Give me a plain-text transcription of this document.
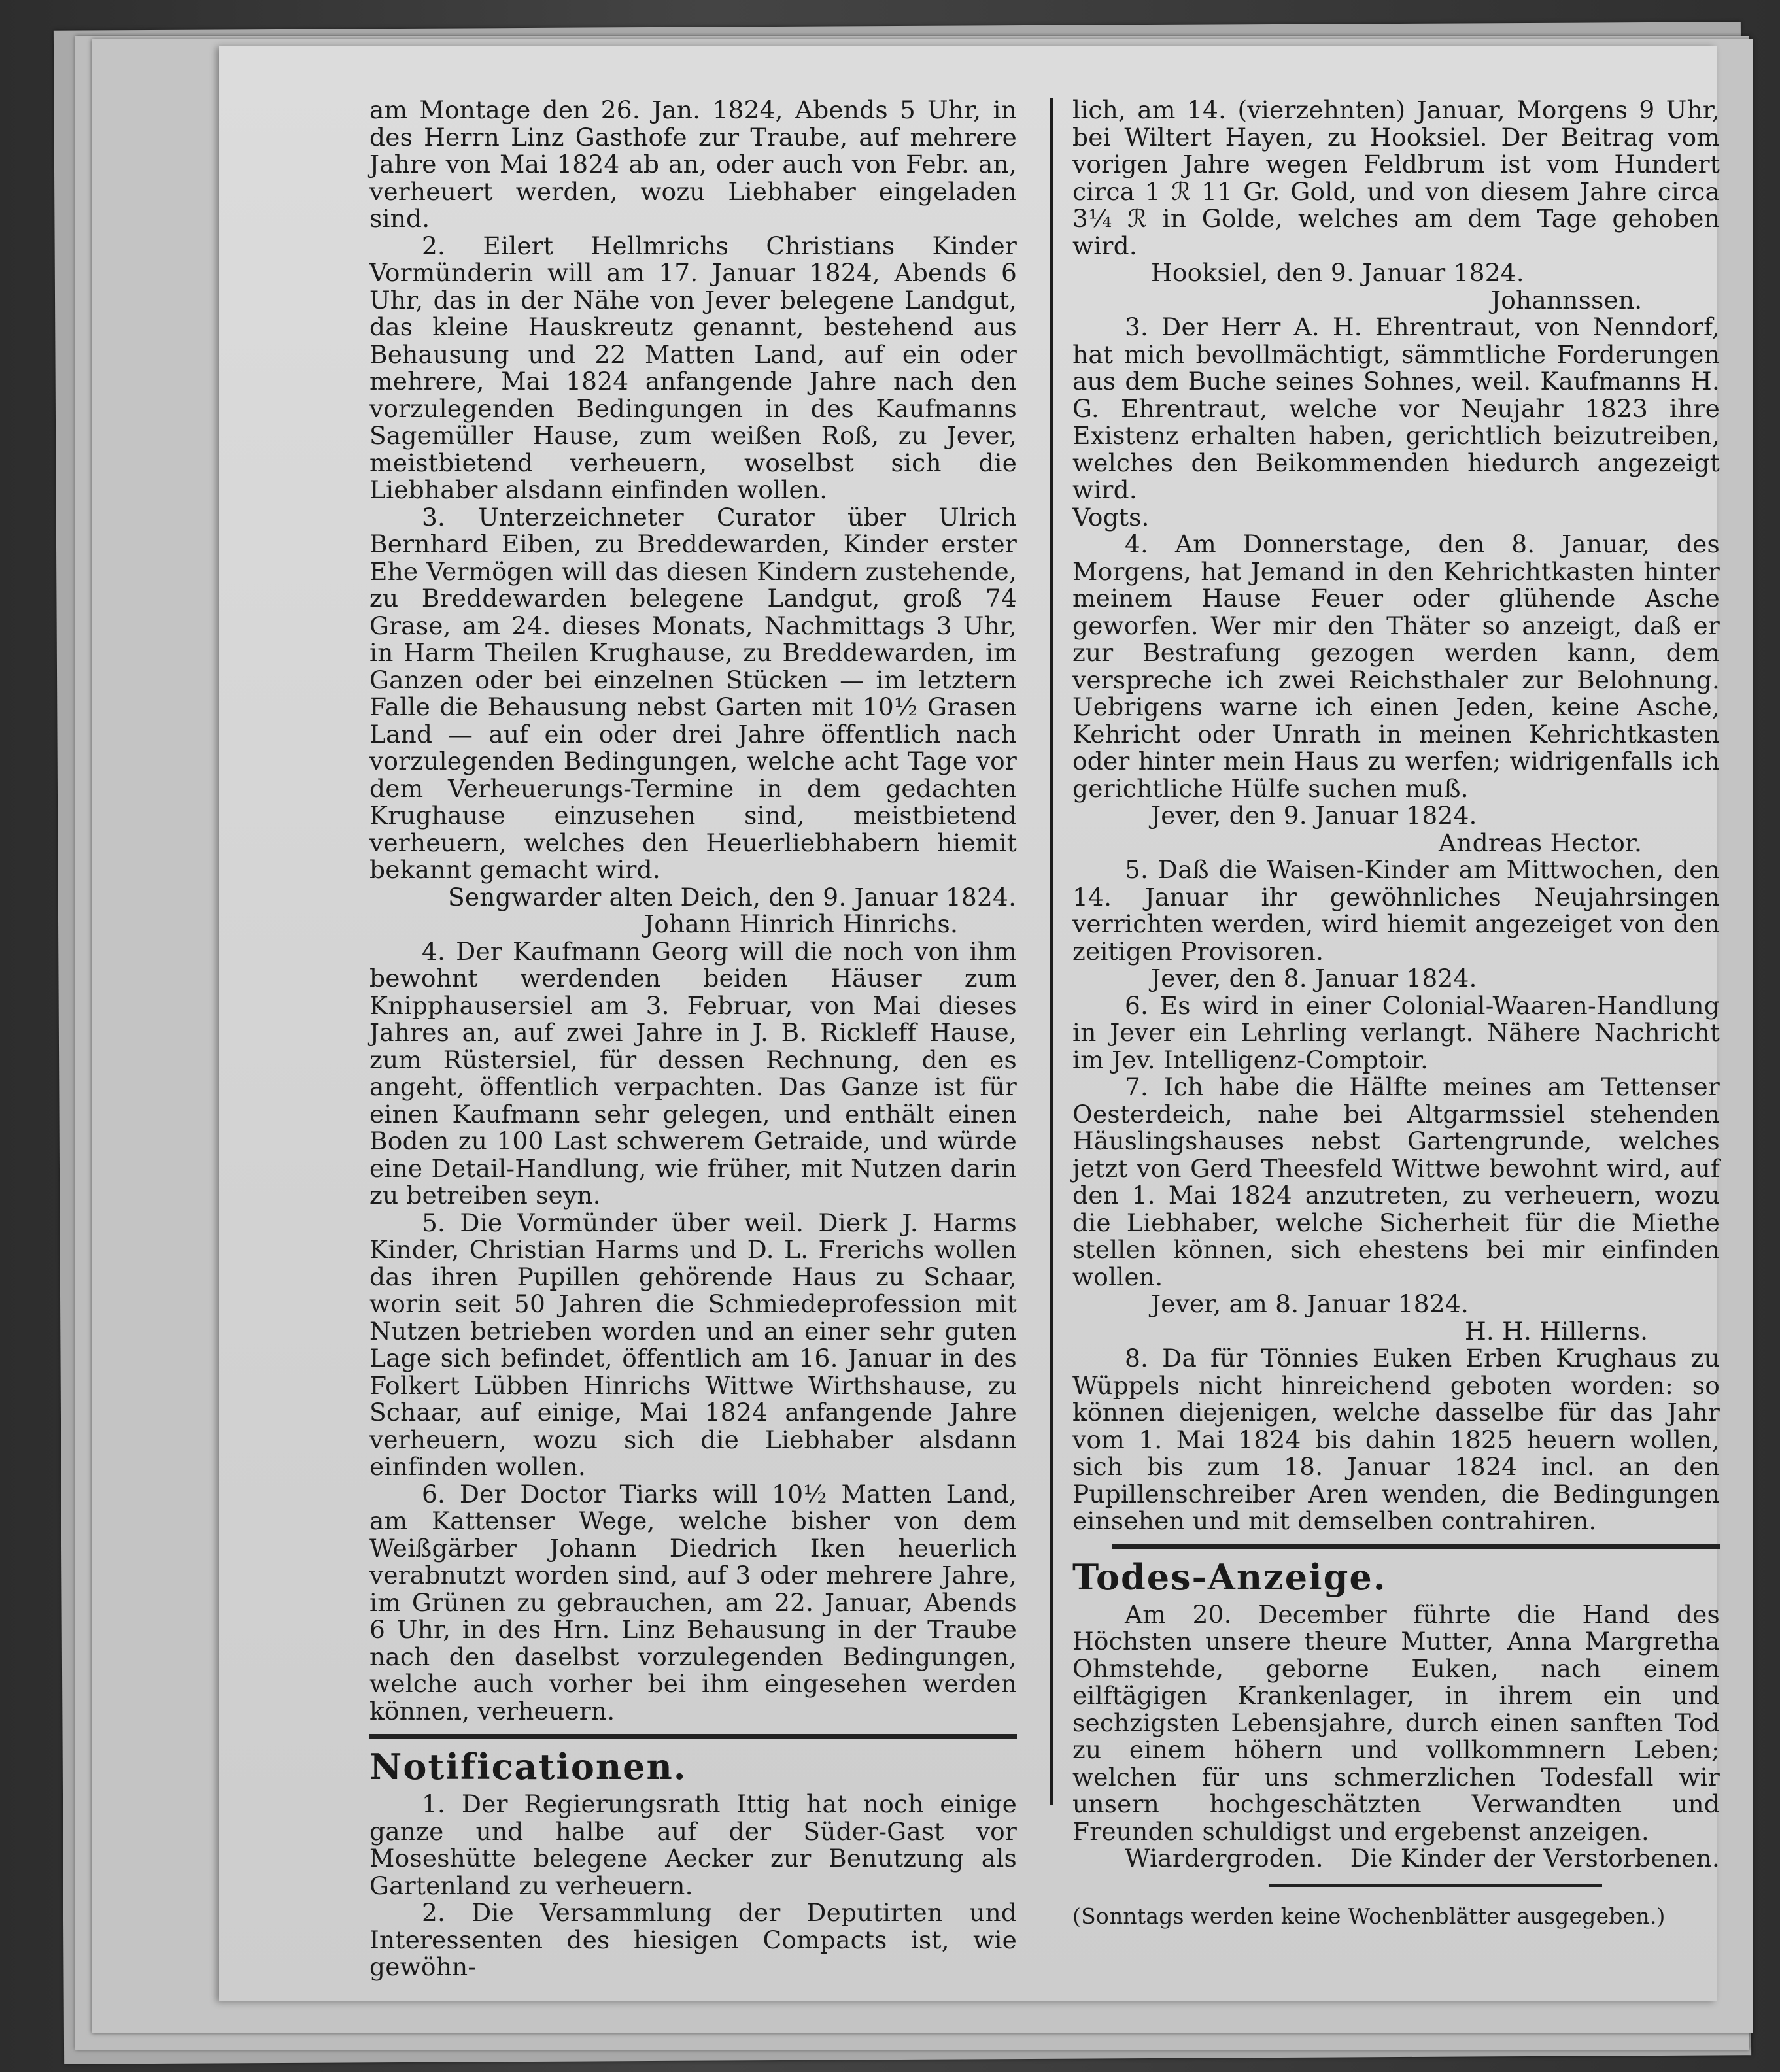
am Montage den 26. Jan. 1824, Abends 5 Uhr, in des Herrn Linz Gasthofe zur Traube, auf mehrere Jahre von Mai 1824 ab an, oder auch von Febr. an, verheuert werden, wozu Liebhaber eingeladen sind.

2. Eilert Hellmrichs Christians Kinder Vormünderin will am 17. Januar 1824, Abends 6 Uhr, das in der Nähe von Jever belegene Landgut, das kleine Hauskreutz genannt, bestehend aus Behausung und 22 Matten Land, auf ein oder mehrere, Mai 1824 anfangende Jahre nach den vorzulegenden Bedingungen in des Kaufmanns Sagemüller Hause, zum weißen Roß, zu Jever, meistbietend verheuern, woselbst sich die Liebhaber alsdann einfinden wollen.

3. Unterzeichneter Curator über Ulrich Bernhard Eiben, zu Breddewarden, Kinder erster Ehe Vermögen will das diesen Kindern zustehende, zu Breddewarden belegene Landgut, groß 74 Grase, am 24. dieses Monats, Nachmittags 3 Uhr, in Harm Theilen Krughause, zu Breddewarden, im Ganzen oder bei einzelnen Stücken — im letztern Falle die Behausung nebst Garten mit 10½ Grasen Land — auf ein oder drei Jahre öffentlich nach vorzulegenden Bedingungen, welche acht Tage vor dem Verheuerungs-Termine in dem gedachten Krughause einzusehen sind, meistbietend verheuern, welches den Heuerliebhabern hiemit bekannt gemacht wird.

Sengwarder alten Deich, den 9. Januar 1824.

Johann Hinrich Hinrichs.

4. Der Kaufmann Georg will die noch von ihm bewohnt werdenden beiden Häuser zum Knipphausersiel am 3. Februar, von Mai dieses Jahres an, auf zwei Jahre in J. B. Rickleff Hause, zum Rüstersiel, für dessen Rechnung, den es angeht, öffentlich verpachten. Das Ganze ist für einen Kaufmann sehr gelegen, und enthält einen Boden zu 100 Last schwerem Getraide, und würde eine Detail-Handlung, wie früher, mit Nutzen darin zu betreiben seyn.

5. Die Vormünder über weil. Dierk J. Harms Kinder, Christian Harms und D. L. Frerichs wollen das ihren Pupillen gehörende Haus zu Schaar, worin seit 50 Jahren die Schmiedeprofession mit Nutzen betrieben worden und an einer sehr guten Lage sich befindet, öffentlich am 16. Januar in des Folkert Lübben Hinrichs Wittwe Wirthshause, zu Schaar, auf einige, Mai 1824 anfangende Jahre verheuern, wozu sich die Liebhaber alsdann einfinden wollen.

6. Der Doctor Tiarks will 10½ Matten Land, am Kattenser Wege, welche bisher von dem Weißgärber Johann Diedrich Iken heuerlich verabnutzt worden sind, auf 3 oder mehrere Jahre, im Grünen zu gebrauchen, am 22. Januar, Abends 6 Uhr, in des Hrn. Linz Behausung in der Traube nach den daselbst vorzulegenden Bedingungen, welche auch vorher bei ihm eingesehen werden können, verheuern.

Notificationen.

1. Der Regierungsrath Ittig hat noch einige ganze und halbe auf der Süder-Gast vor Moseshütte belegene Aecker zur Benutzung als Gartenland zu verheuern.

2. Die Versammlung der Deputirten und Interessenten des hiesigen Compacts ist, wie gewöhn-

lich, am 14. (vierzehnten) Januar, Morgens 9 Uhr, bei Wiltert Hayen, zu Hooksiel. Der Beitrag vom vorigen Jahre wegen Feldbrum ist vom Hundert circa 1 ℛ 11 Gr. Gold, und von diesem Jahre circa 3¼ ℛ in Golde, welches am dem Tage gehoben wird.

Hooksiel, den 9. Januar 1824.

Johannssen.

3. Der Herr A. H. Ehrentraut, von Nenndorf, hat mich bevollmächtigt, sämmtliche Forderungen aus dem Buche seines Sohnes, weil. Kaufmanns H. G. Ehrentraut, welche vor Neujahr 1823 ihre Existenz erhalten haben, gerichtlich beizutreiben, welches den Beikommenden hiedurch angezeigt wird.

Vogts.

4. Am Donnerstage, den 8. Januar, des Morgens, hat Jemand in den Kehrichtkasten hinter meinem Hause Feuer oder glühende Asche geworfen. Wer mir den Thäter so anzeigt, daß er zur Bestrafung gezogen werden kann, dem verspreche ich zwei Reichsthaler zur Belohnung. Uebrigens warne ich einen Jeden, keine Asche, Kehricht oder Unrath in meinen Kehrichtkasten oder hinter mein Haus zu werfen; widrigenfalls ich gerichtliche Hülfe suchen muß.

Jever, den 9. Januar 1824.

Andreas Hector.

5. Daß die Waisen-Kinder am Mittwochen, den 14. Januar ihr gewöhnliches Neujahrsingen verrichten werden, wird hiemit angezeiget von den zeitigen Provisoren.

Jever, den 8. Januar 1824.

6. Es wird in einer Colonial-Waaren-Handlung in Jever ein Lehrling verlangt. Nähere Nachricht im Jev. Intelligenz-Comptoir.

7. Ich habe die Hälfte meines am Tettenser Oesterdeich, nahe bei Altgarmssiel stehenden Häuslingshauses nebst Gartengrunde, welches jetzt von Gerd Theesfeld Wittwe bewohnt wird, auf den 1. Mai 1824 anzutreten, zu verheuern, wozu die Liebhaber, welche Sicherheit für die Miethe stellen können, sich ehestens bei mir einfinden wollen.

Jever, am 8. Januar 1824.

H. H. Hillerns.

8. Da für Tönnies Euken Erben Krughaus zu Wüppels nicht hinreichend geboten worden: so können diejenigen, welche dasselbe für das Jahr vom 1. Mai 1824 bis dahin 1825 heuern wollen, sich bis zum 18. Januar 1824 incl. an den Pupillenschreiber Aren wenden, die Bedingungen einsehen und mit demselben contrahiren.

Todes-Anzeige.

Am 20. December führte die Hand des Höchsten unsere theure Mutter, Anna Margretha Ohmstehde, geborne Euken, nach einem eilftägigen Krankenlager, in ihrem ein und sechzigsten Lebensjahre, durch einen sanften Tod zu einem höhern und vollkommnern Leben; welchen für uns schmerzlichen Todesfall wir unsern hochgeschätzten Verwandten und Freunden schuldigst und ergebenst anzeigen.

Wiardergroden. Die Kinder der Verstorbenen.

(Sonntags werden keine Wochenblätter ausgegeben.)
